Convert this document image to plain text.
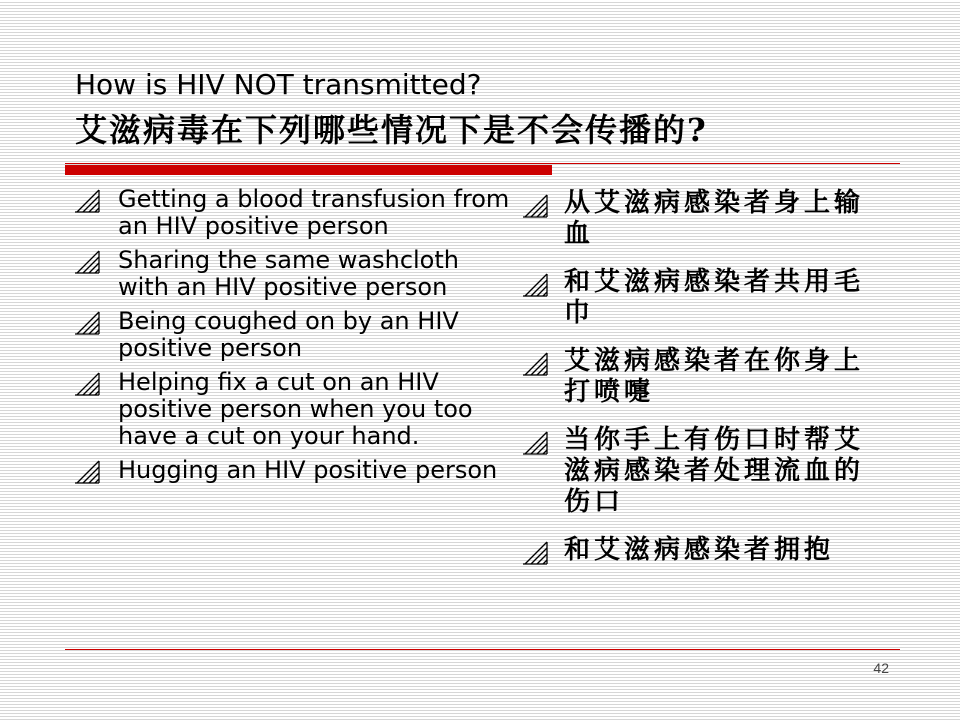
How is HIV NOT transmitted?
艾滋病毒在下列哪些情况下是不会传播的?
Getting a blood transfusion from an HIV positive person
Sharing the same washcloth with an HIV positive person
Being coughed on by an HIV positive person
Helping fix a cut on an HIV positive person when you too have a cut on your hand.
Hugging an HIV positive person
从艾滋病感染者身上输血
和艾滋病感染者共用毛巾
艾滋病感染者在你身上打喷嚏
当你手上有伤口时帮艾滋病感染者处理流血的伤口
和艾滋病感染者拥抱
42
